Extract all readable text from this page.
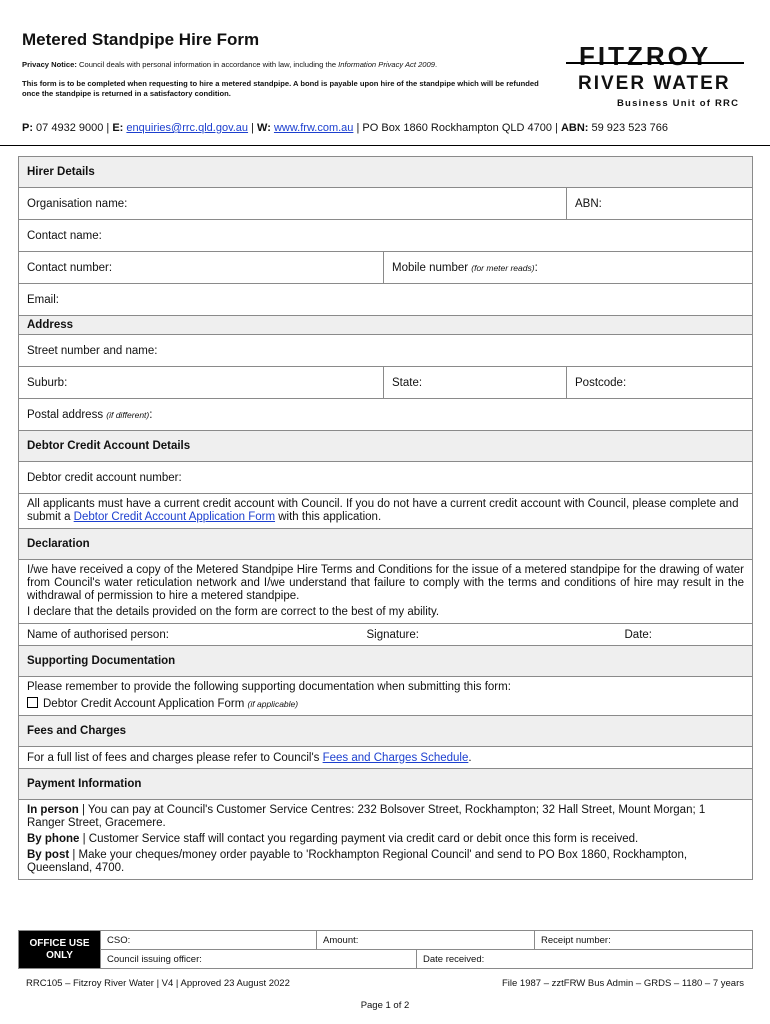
Metered Standpipe Hire Form
Privacy Notice: Council deals with personal information in accordance with law, including the Information Privacy Act 2009.
This form is to be completed when requesting to hire a metered standpipe. A bond is payable upon hire of the standpipe which will be refunded once the standpipe is returned in a satisfactory condition.
FITZROY
RIVER WATER
Business Unit of RRC
P: 07 4932 9000 | E: enquiries@rrc.qld.gov.au | W: www.frw.com.au | PO Box 1860 Rockhampton QLD 4700 | ABN: 59 923 523 766
Hirer Details		
Organisation name:		ABN:
Contact name:		
Contact number:	Mobile number (for meter reads):	
Email:		
Address		
Street number and name:		
Suburb:	State:	Postcode:
Postal address (if different):		
Debtor Credit Account Details		
Debtor credit account number:		
All applicants must have a current credit account with Council. If you do not have a current credit account with Council, please complete and submit a Debtor Credit Account Application Form with this application.		
Declaration		

I/we have received a copy of the Metered Standpipe Hire Terms and Conditions for the issue of a metered standpipe for the drawing of water from Council's water reticulation network and I/we understand that failure to comply with the terms and conditions of hire may result in the withdrawal of permission to hire a metered standpipe.
I declare that the details provided on the form are correct to the best of my ability.		

Name of authorised person: Signature: Date:		

Supporting Documentation		

Please remember to provide the following supporting documentation when submitting this form:
Debtor Credit Account Application Form (if applicable)		

Fees and Charges		
For a full list of fees and charges please refer to Council's Fees and Charges Schedule.		
Payment Information		

In person | You can pay at Council's Customer Service Centres: 232 Bolsover Street, Rockhampton; 32 Hall Street, Mount Morgan; 1 Ranger Street, Gracemere.
By phone | Customer Service staff will contact you regarding payment via credit card or debit once this form is received.
By post | Make your cheques/money order payable to 'Rockhampton Regional Council' and send to PO Box 1860, Rockhampton, Queensland, 4700.		
OFFICE USE
ONLY	CSO:	Amount:		Receipt number:
	Council issuing officer:		Date received:	
RRC105 – Fitzroy River Water | V4 | Approved 23 August 2022	File 1987 – zztFRW Bus Admin – GRDS – 1180 – 7 years
Page 1 of 2
